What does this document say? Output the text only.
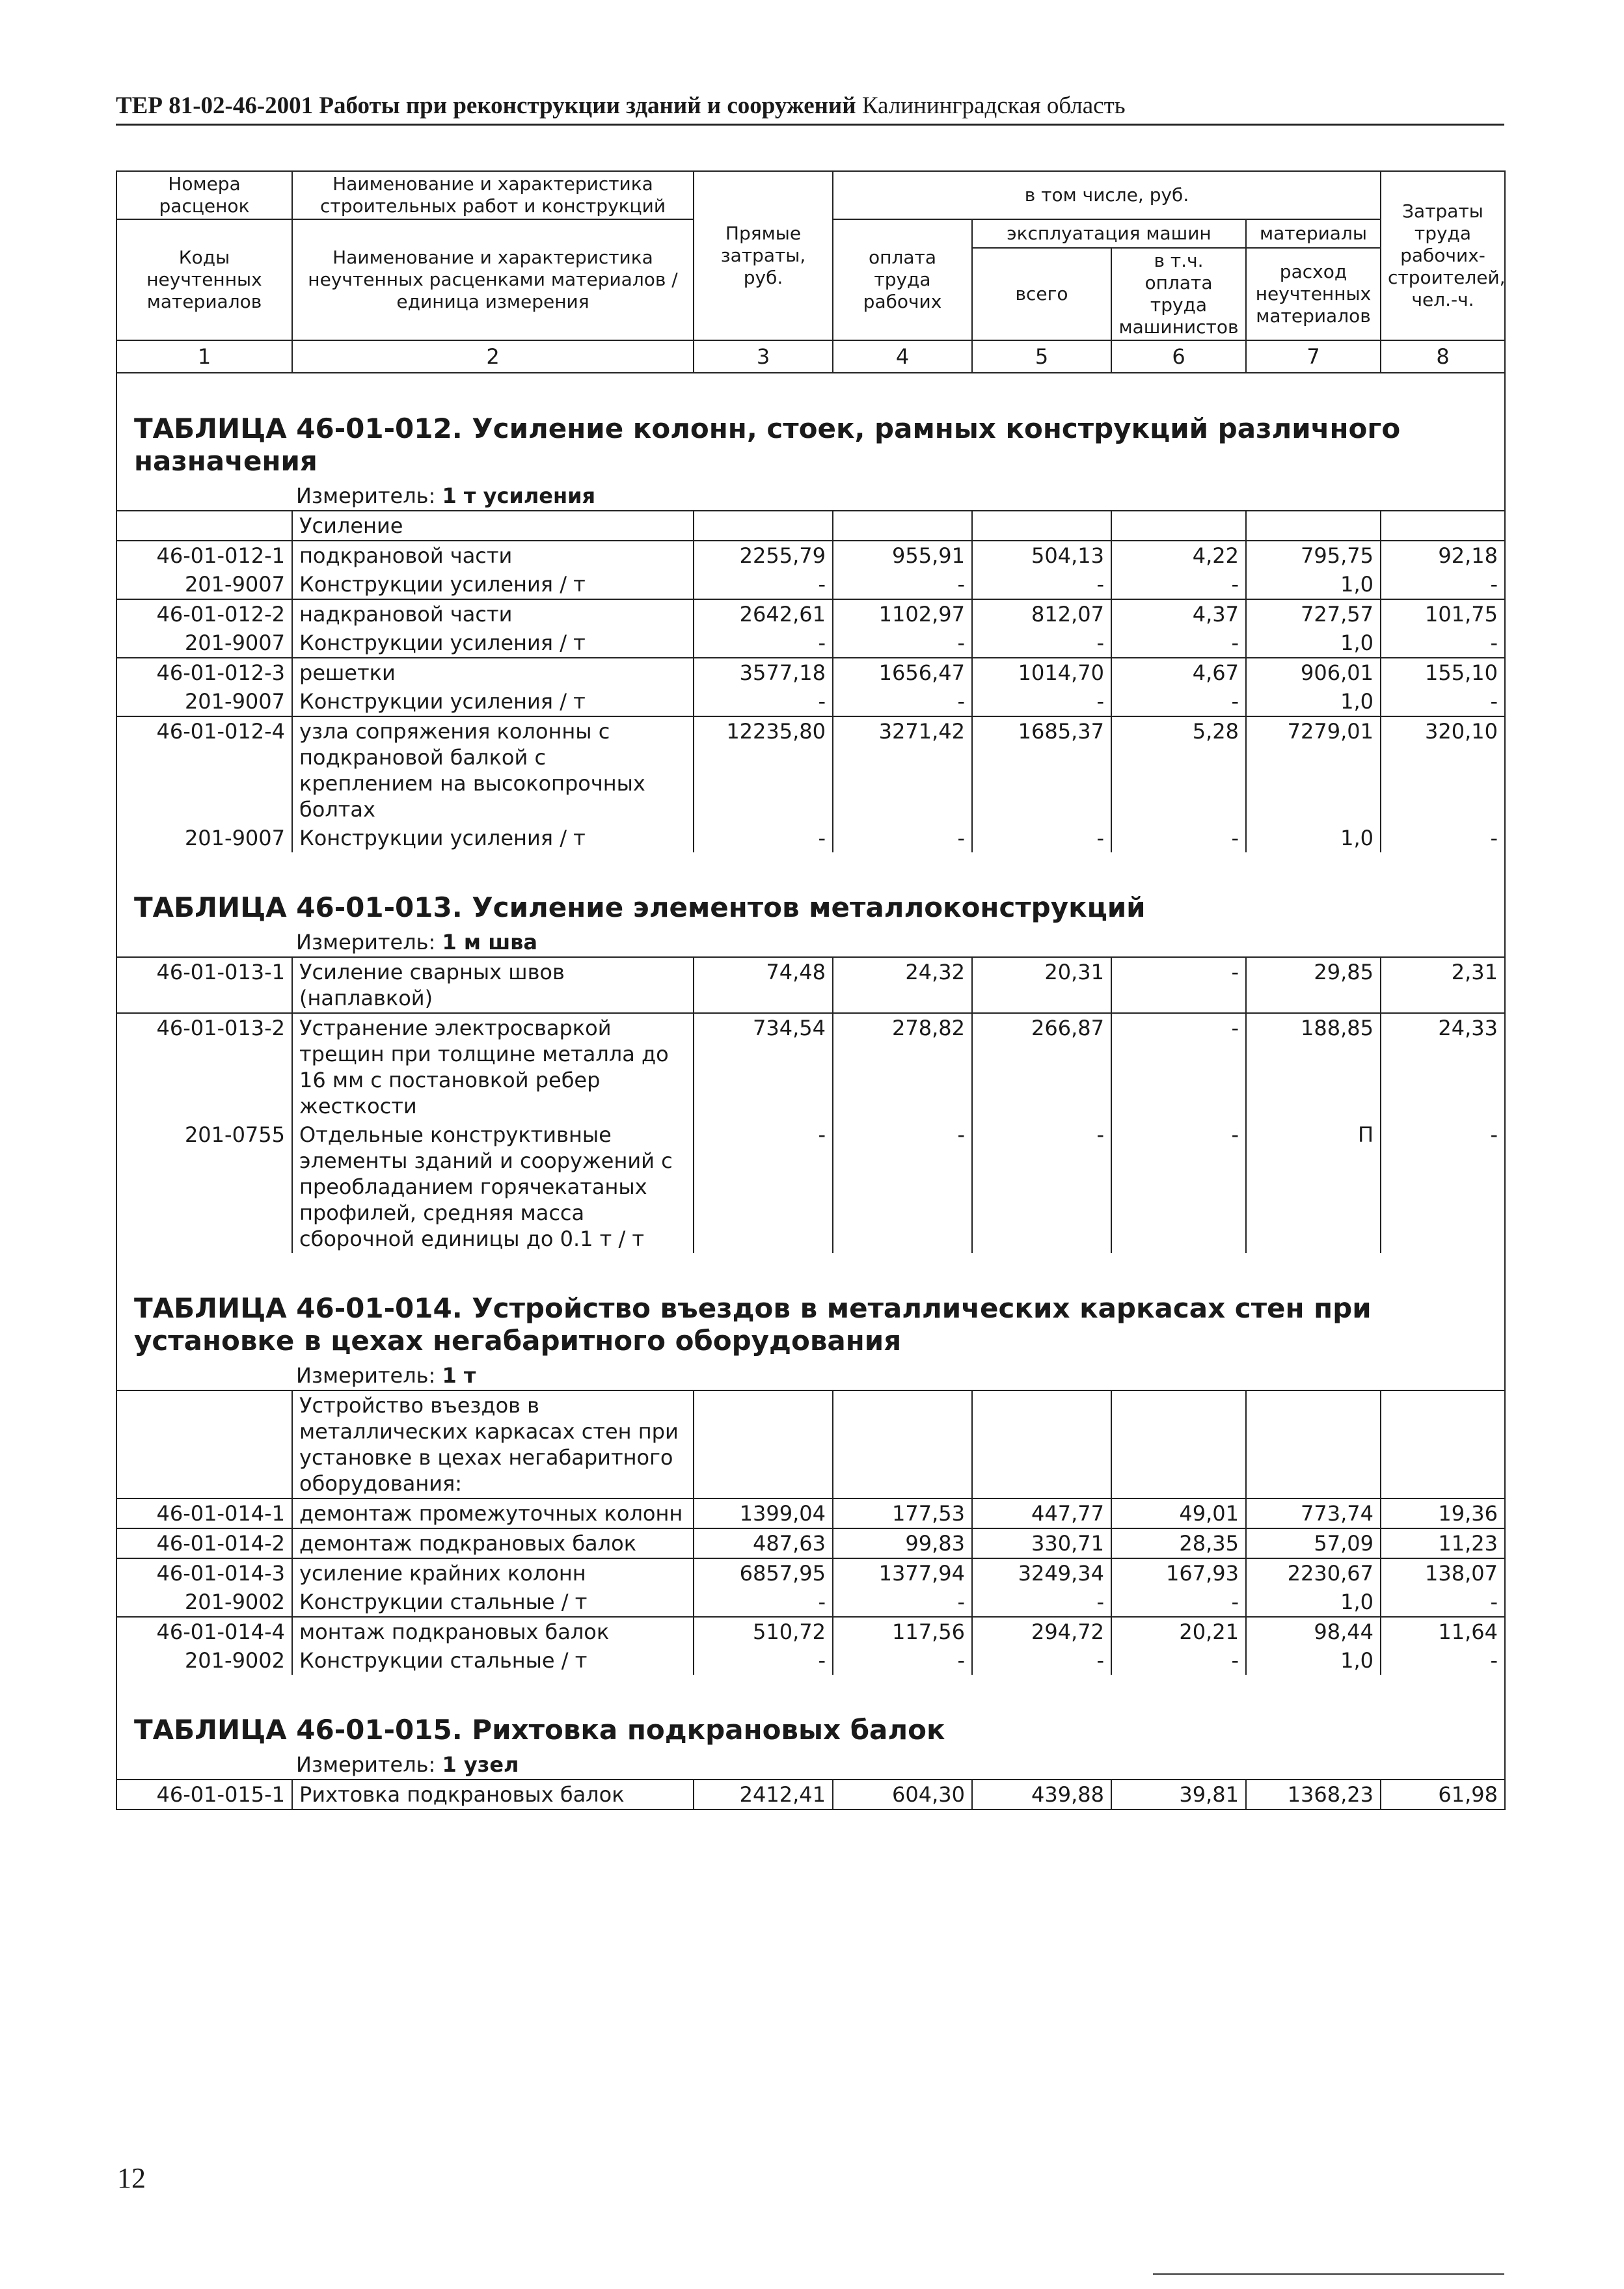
ТЕР 81-02-46-2001 Работы при реконструкции зданий и сооружений Калининградская область
Номера расценок	Наименование и характеристика строительных работ и конструкций	Прямые затраты, руб.	в том числе, руб.				Затраты труда рабочих-строителей, чел.-ч.
Коды неучтенных материалов	Наименование и характеристика неучтенных расценками материалов / единица измерения		оплата труда рабочих	эксплуатация машин		материалы	
				всего	в т.ч. оплата труда машинистов	расход неучтенных материалов	
1	2	3	4	5	6	7	8
ТАБЛИЦА 46-01-012. Усиление колонн, стоек, рамных конструкций различного назначения							
Измеритель: 1 т усиления							
	Усиление						
46-01-012-1	подкрановой части	2255,79	955,91	504,13	4,22	795,75	92,18
201-9007	Конструкции усиления / т	-	-	-	-	1,0	-
46-01-012-2	надкрановой части	2642,61	1102,97	812,07	4,37	727,57	101,75
201-9007	Конструкции усиления / т	-	-	-	-	1,0	-
46-01-012-3	решетки	3577,18	1656,47	1014,70	4,67	906,01	155,10
201-9007	Конструкции усиления / т	-	-	-	-	1,0	-
46-01-012-4	узла сопряжения колонны с подкрановой балкой с креплением на высокопрочных болтах	12235,80	3271,42	1685,37	5,28	7279,01	320,10
201-9007	Конструкции усиления / т	-	-	-	-	1,0	-
ТАБЛИЦА 46-01-013. Усиление элементов металлоконструкций							
Измеритель: 1 м шва							
46-01-013-1	Усиление сварных швов (наплавкой)	74,48	24,32	20,31	-	29,85	2,31
46-01-013-2	Устранение электросваркой трещин при толщине металла до 16 мм с постановкой ребер жесткости	734,54	278,82	266,87	-	188,85	24,33
201-0755	Отдельные конструктивные элементы зданий и сооружений с преобладанием горячекатаных профилей, средняя масса сборочной единицы до 0.1 т / т	-	-	-	-	П	-
ТАБЛИЦА 46-01-014. Устройство въездов в металлических каркасах стен при установке в цехах негабаритного оборудования							
Измеритель: 1 т							
	Устройство въездов в металлических каркасах стен при установке в цехах негабаритного оборудования:						
46-01-014-1	демонтаж промежуточных колонн	1399,04	177,53	447,77	49,01	773,74	19,36
46-01-014-2	демонтаж подкрановых балок	487,63	99,83	330,71	28,35	57,09	11,23
46-01-014-3	усиление крайних колонн	6857,95	1377,94	3249,34	167,93	2230,67	138,07
201-9002	Конструкции стальные / т	-	-	-	-	1,0	-
46-01-014-4	монтаж подкрановых балок	510,72	117,56	294,72	20,21	98,44	11,64
201-9002	Конструкции стальные / т	-	-	-	-	1,0	-
ТАБЛИЦА 46-01-015. Рихтовка подкрановых балок							
Измеритель: 1 узел							
46-01-015-1	Рихтовка подкрановых балок	2412,41	604,30	439,88	39,81	1368,23	61,98
12
